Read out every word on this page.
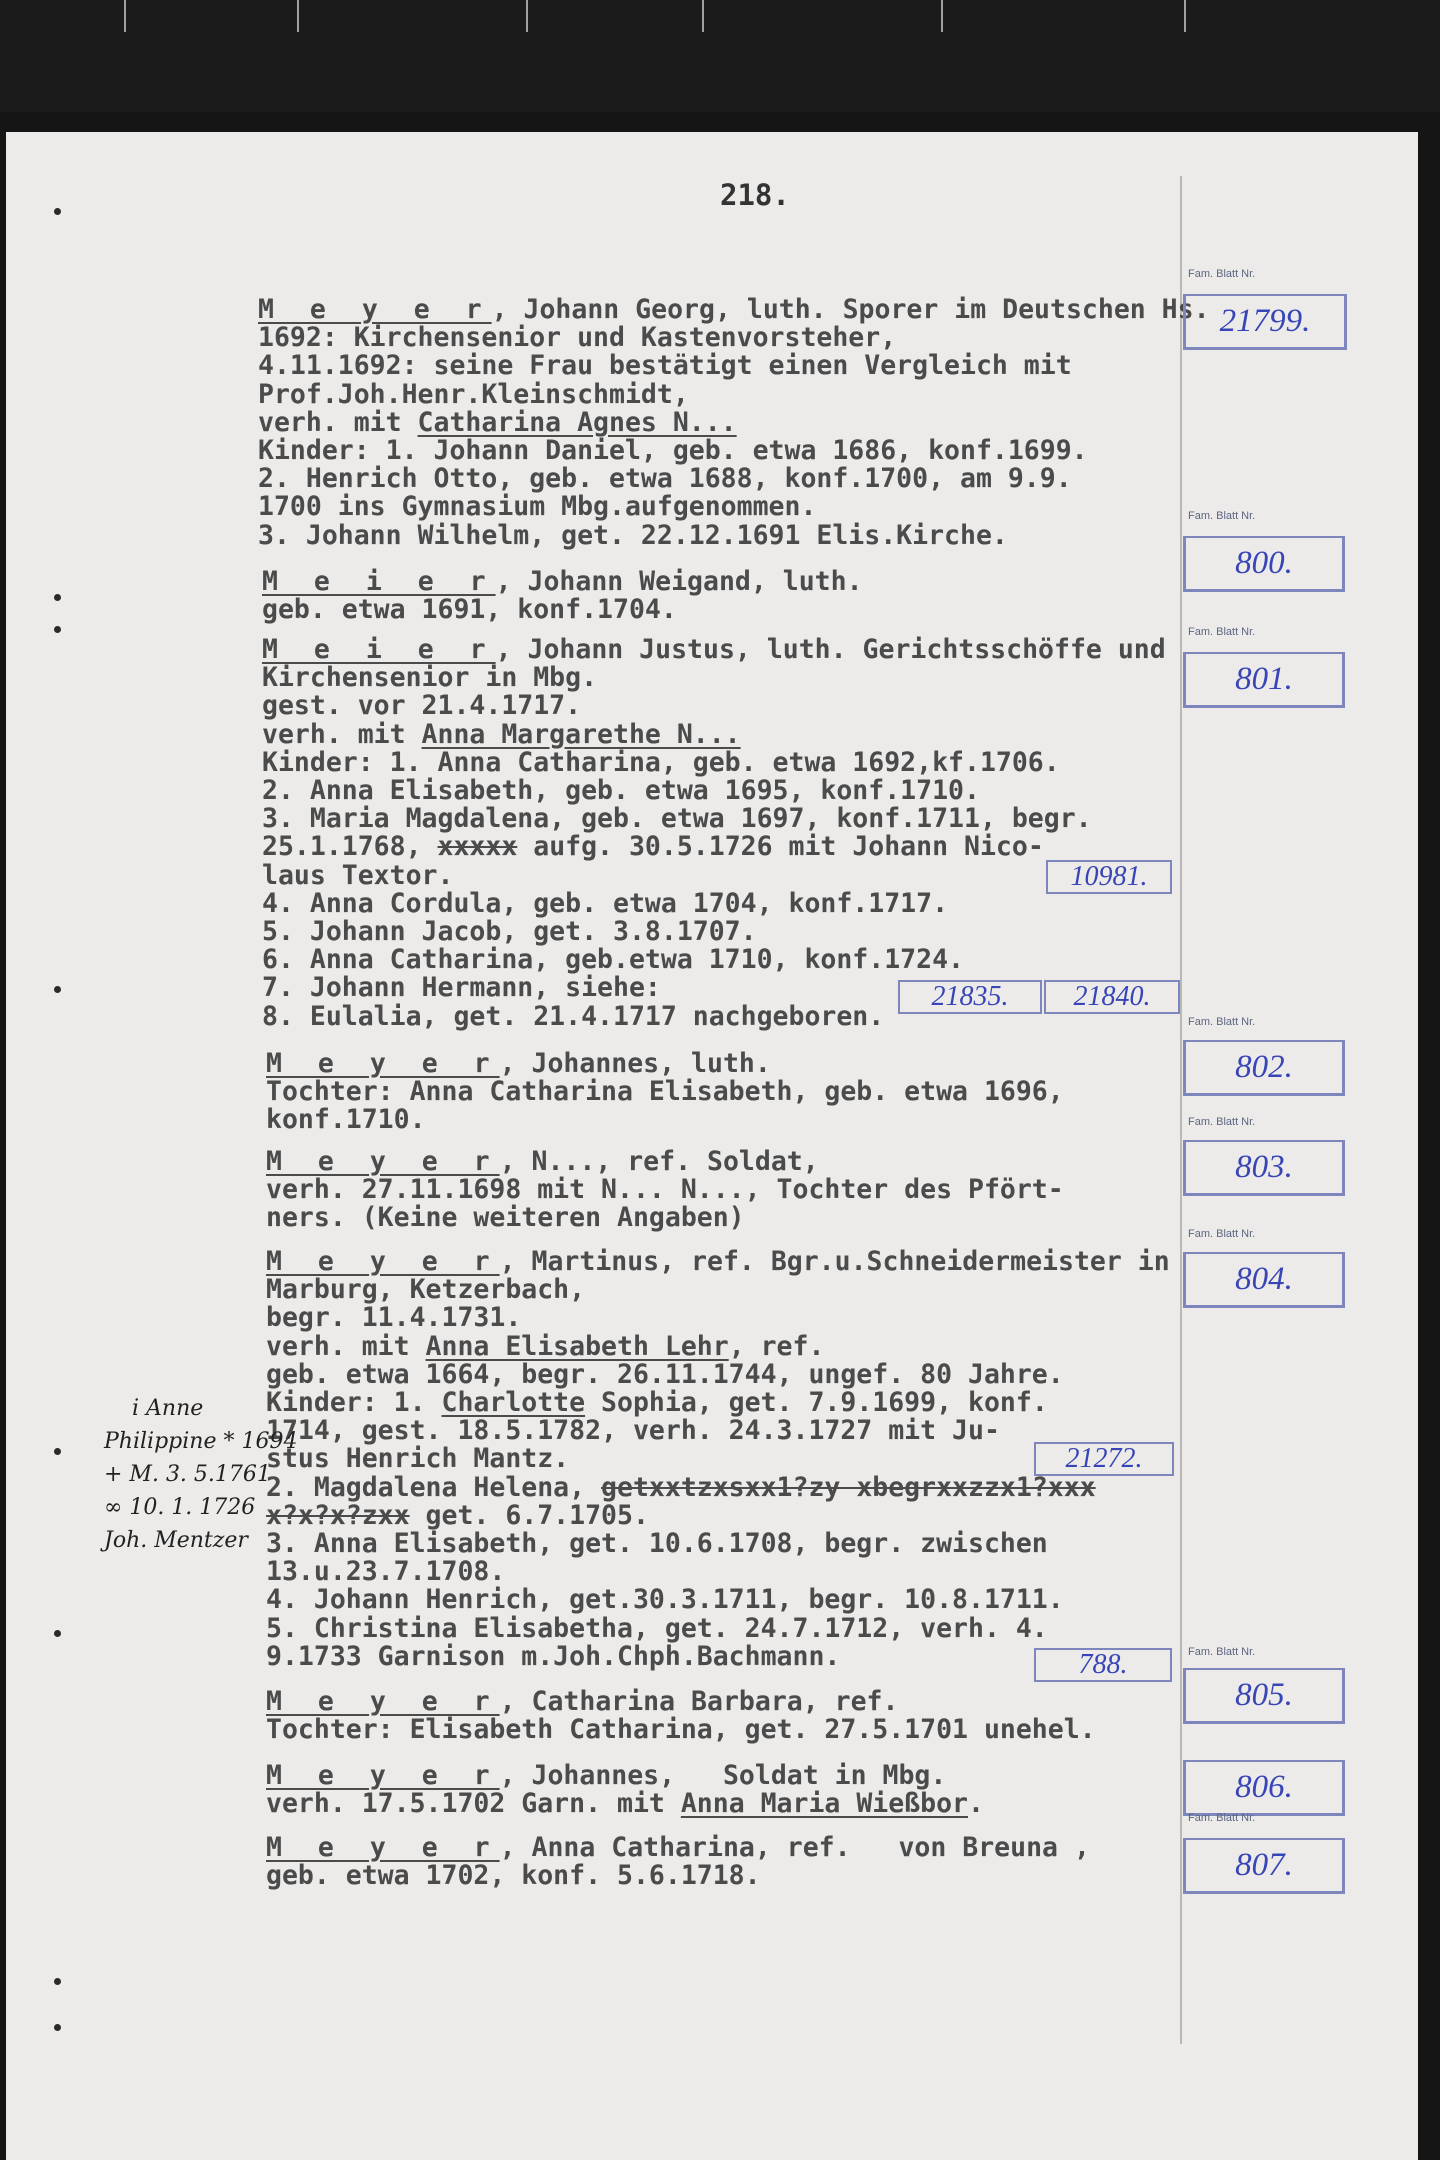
218.
M e y e r, Johann Georg, luth. Sporer im Deutschen Hs.
1692: Kirchensenior und Kastenvorsteher,
4.11.1692: seine Frau bestätigt einen Vergleich mit
Prof.Joh.Henr.Kleinschmidt,
verh. mit Catharina Agnes N...
Kinder: 1. Johann Daniel, geb. etwa 1686, konf.1699.
2. Henrich Otto, geb. etwa 1688, konf.1700, am 9.9.
1700 ins Gymnasium Mbg.aufgenommen.
3. Johann Wilhelm, get. 22.12.1691 Elis.Kirche.
M e i e r, Johann Weigand, luth.
geb. etwa 1691, konf.1704.
M e i e r, Johann Justus, luth. Gerichtsschöffe und
Kirchensenior in Mbg.
gest. vor 21.4.1717.
verh. mit Anna Margarethe N...
Kinder: 1. Anna Catharina, geb. etwa 1692,kf.1706.
2. Anna Elisabeth, geb. etwa 1695, konf.1710.
3. Maria Magdalena, geb. etwa 1697, konf.1711, begr.
25.1.1768, xxxxx aufg. 30.5.1726 mit Johann Nico-
laus Textor.
4. Anna Cordula, geb. etwa 1704, konf.1717.
5. Johann Jacob, get. 3.8.1707.
6. Anna Catharina, geb.etwa 1710, konf.1724.
7. Johann Hermann, siehe:
8. Eulalia, get. 21.4.1717 nachgeboren.
10981.
21835.	21840.
M e y e r, Johannes, luth.
Tochter: Anna Catharina Elisabeth, geb. etwa 1696,
konf.1710.
M e y e r, N..., ref. Soldat,
verh. 27.11.1698 mit N... N..., Tochter des Pfört-
ners. (Keine weiteren Angaben)
M e y e r, Martinus, ref. Bgr.u.Schneidermeister in
Marburg, Ketzerbach,
begr. 11.4.1731.
verh. mit Anna Elisabeth Lehr, ref.
geb. etwa 1664, begr. 26.11.1744, ungef. 80 Jahre.
Kinder: 1. Charlotte Sophia, get. 7.9.1699, konf.
1714, gest. 18.5.1782, verh. 24.3.1727 mit Ju-
stus Henrich Mantz.
2. Magdalena Helena, getxxtzxsxx1?zy xbegrxxzzx1?xxx
x?x?x?zxx get. 6.7.1705.
3. Anna Elisabeth, get. 10.6.1708, begr. zwischen
13.u.23.7.1708.
4. Johann Henrich, get.30.3.1711, begr. 10.8.1711.
5. Christina Elisabetha, get. 24.7.1712, verh. 4.
9.1733 Garnison m.Joh.Chph.Bachmann.
21272.
788.
M e y e r, Catharina Barbara, ref.
Tochter: Elisabeth Catharina, get. 27.5.1701 unehel.
M e y e r, Johannes,   Soldat in Mbg.
verh. 17.5.1702 Garn. mit Anna Maria Wießbor.
M e y e r, Anna Catharina, ref.   von Breuna ,
geb. etwa 1702, konf. 5.6.1718.
i Anne
Philippine * 1694
+ M. 3. 5.1761
∞ 10. 1. 1726
Joh. Mentzer
Fam. Blatt Nr.
21799.
Fam. Blatt Nr.
800.
Fam. Blatt Nr.
801.
Fam. Blatt Nr.
802.
Fam. Blatt Nr.
803.
Fam. Blatt Nr.
804.
Fam. Blatt Nr.
805.
806.
Fam. Blatt Nr.
807.
